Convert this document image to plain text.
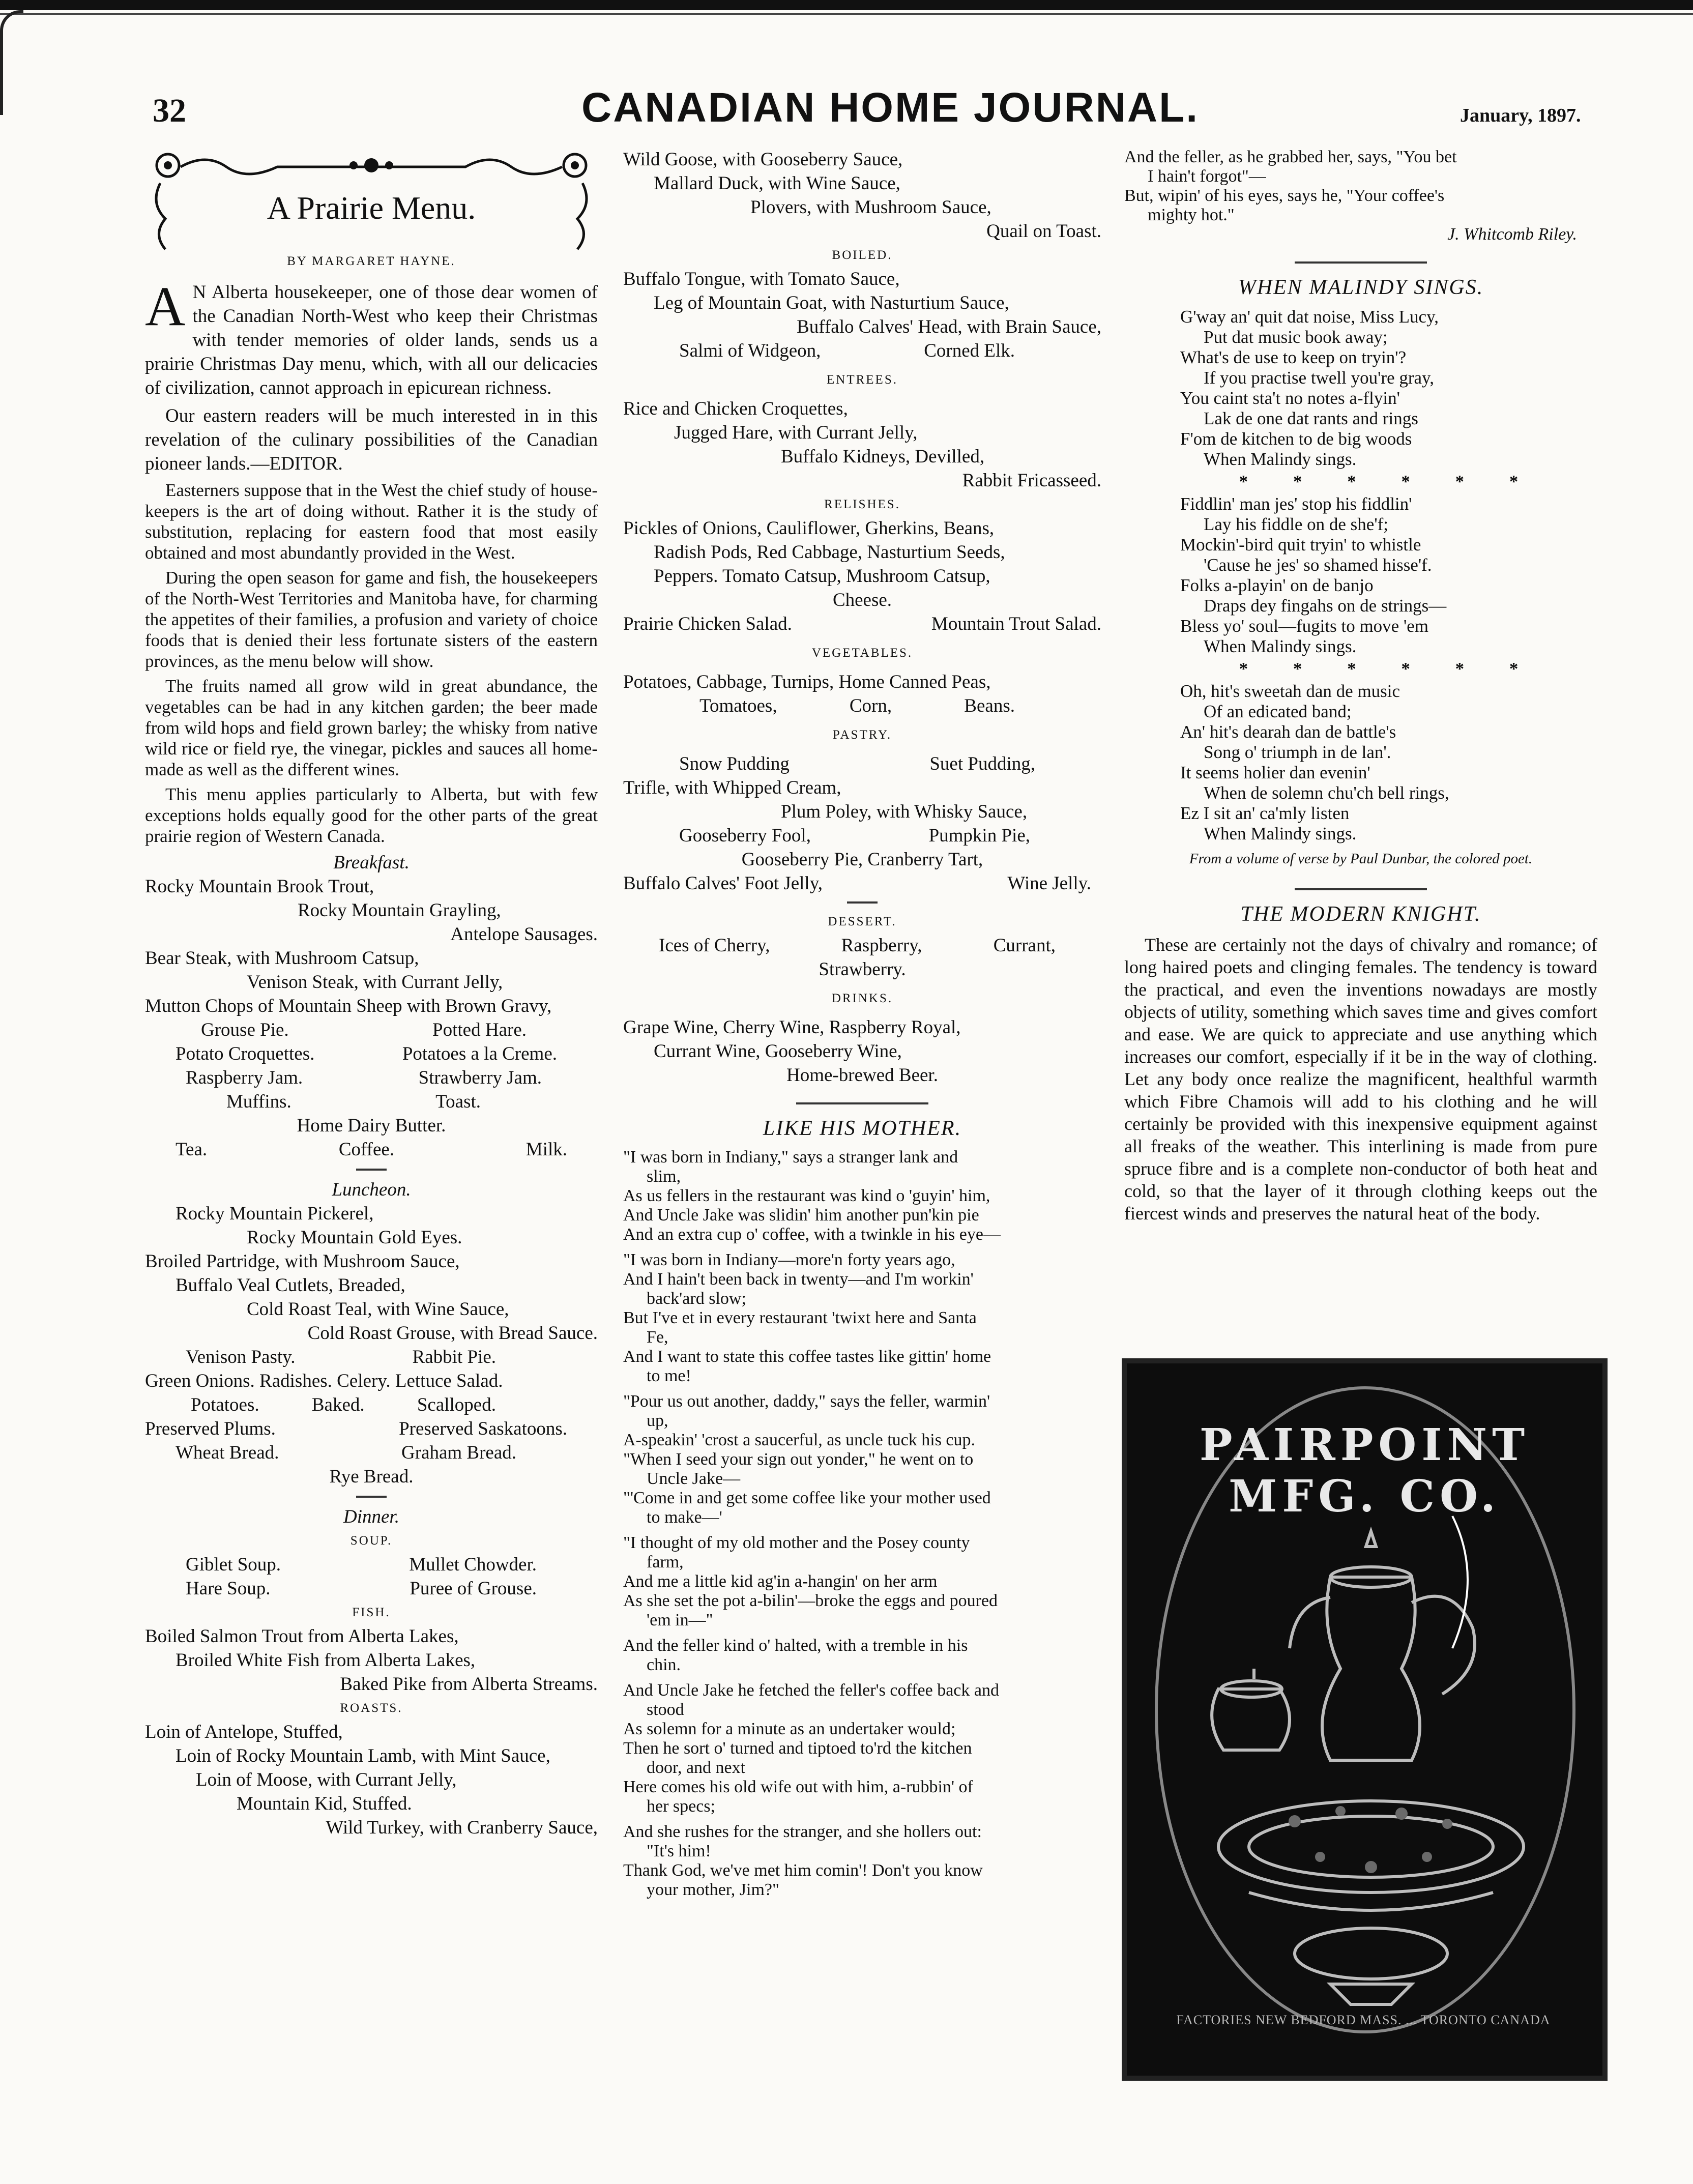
32	CANADIAN HOME JOURNAL.	January, 1897.
A Prairie Menu.
BY MARGARET HAYNE.

A N Alberta housekeeper, one of those dear women of the Canadian North-West who keep their Christmas with tender memories of older lands, sends us a prairie Christmas Day menu, which, with all our delicacies of civilization, cannot approach in epicurean richness.

Our eastern readers will be much interested in in this revelation of the culinary possibilities of the Canadian pioneer lands.—EDITOR.

Easterners suppose that in the West the chief study of house-keepers is the art of doing without. Rather it is the study of substitution, replacing for eastern food that most easily obtained and most abundantly provided in the West.

During the open season for game and fish, the housekeepers of the North-West Territories and Manitoba have, for charming the appetites of their families, a profusion and variety of choice foods that is denied their less fortunate sisters of the eastern provinces, as the menu below will show.

The fruits named all grow wild in great abundance, the vegetables can be had in any kitchen garden; the beer made from wild hops and field grown barley; the whisky from native wild rice or field rye, the vinegar, pickles and sauces all home-made as well as the different wines.

This menu applies particularly to Alberta, but with few exceptions holds equally good for the other parts of the great prairie region of Western Canada.

Breakfast.
Rocky Mountain Brook Trout,
Rocky Mountain Grayling,
Antelope Sausages.
Bear Steak, with Mushroom Catsup,
Venison Steak, with Currant Jelly,
Mutton Chops of Mountain Sheep with Brown Gravy,
Grouse Pie.	Potted Hare.
Potato Croquettes.	Potatoes a la Creme.
Raspberry Jam.	Strawberry Jam.
Muffins.	Toast.
Home Dairy Butter.
Tea.	Coffee.	Milk.
Luncheon.
Rocky Mountain Pickerel,
Rocky Mountain Gold Eyes.
Broiled Partridge, with Mushroom Sauce,
Buffalo Veal Cutlets, Breaded,
Cold Roast Teal, with Wine Sauce,
Cold Roast Grouse, with Bread Sauce.
Venison Pasty.	Rabbit Pie.
Green Onions. Radishes. Celery. Lettuce Salad.
Potatoes.	Baked.	Scalloped.
Preserved Plums.	Preserved Saskatoons.
Wheat Bread.	Graham Bread.
Rye Bread.
Dinner.
SOUP.
Giblet Soup.	Mullet Chowder.
Hare Soup.	Puree of Grouse.
FISH.
Boiled Salmon Trout from Alberta Lakes,
Broiled White Fish from Alberta Lakes,
Baked Pike from Alberta Streams.
ROASTS.
Loin of Antelope, Stuffed,
Loin of Rocky Mountain Lamb, with Mint Sauce,
Loin of Moose, with Currant Jelly,
Mountain Kid, Stuffed.
Wild Turkey, with Cranberry Sauce,
Wild Goose, with Gooseberry Sauce,
Mallard Duck, with Wine Sauce,
Plovers, with Mushroom Sauce,
Quail on Toast.
BOILED.
Buffalo Tongue, with Tomato Sauce,
Leg of Mountain Goat, with Nasturtium Sauce,
Buffalo Calves' Head, with Brain Sauce,
Salmi of Widgeon,	Corned Elk.
ENTREES.
Rice and Chicken Croquettes,
Jugged Hare, with Currant Jelly,
Buffalo Kidneys, Devilled,
Rabbit Fricasseed.
RELISHES.
Pickles of Onions, Cauliflower, Gherkins, Beans,
Radish Pods, Red Cabbage, Nasturtium Seeds,
Peppers. Tomato Catsup, Mushroom Catsup,
Cheese.
Prairie Chicken Salad.	Mountain Trout Salad.
VEGETABLES.
Potatoes, Cabbage, Turnips, Home Canned Peas,
Tomatoes,	Corn,	Beans.
PASTRY.
Snow Pudding	Suet Pudding,
Trifle, with Whipped Cream,
Plum Poley, with Whisky Sauce,
Gooseberry Fool,	Pumpkin Pie,
Gooseberry Pie, Cranberry Tart,
Buffalo Calves' Foot Jelly,	Wine Jelly.
DESSERT.
Ices of Cherry,	Raspberry,	Currant,
Strawberry.
DRINKS.
Grape Wine, Cherry Wine, Raspberry Royal,
Currant Wine, Gooseberry Wine,
Home-brewed Beer.
LIKE HIS MOTHER.
"I was born in Indiany," says a stranger lank and
slim,
As us fellers in the restaurant was kind o 'guyin' him,
And Uncle Jake was slidin' him another pun'kin pie
And an extra cup o' coffee, with a twinkle in his eye—
"I was born in Indiany—more'n forty years ago,
And I hain't been back in twenty—and I'm workin'
back'ard slow;
But I've et in every restaurant 'twixt here and Santa
Fe,
And I want to state this coffee tastes like gittin' home
to me!
"Pour us out another, daddy," says the feller, warmin'
up,
A-speakin' 'crost a saucerful, as uncle tuck his cup.
"When I seed your sign out yonder," he went on to
Uncle Jake—
"'Come in and get some coffee like your mother used
to make—'
"I thought of my old mother and the Posey county
farm,
And me a little kid ag'in a-hangin' on her arm
As she set the pot a-bilin'—broke the eggs and poured
'em in—"
And the feller kind o' halted, with a tremble in his
chin.
And Uncle Jake he fetched the feller's coffee back and
stood
As solemn for a minute as an undertaker would;
Then he sort o' turned and tiptoed to'rd the kitchen
door, and next
Here comes his old wife out with him, a-rubbin' of
her specs;
And she rushes for the stranger, and she hollers out:
"It's him!
Thank God, we've met him comin'! Don't you know
your mother, Jim?"
And the feller, as he grabbed her, says, "You bet
I hain't forgot"—
But, wipin' of his eyes, says he, "Your coffee's
mighty hot."
J. Whitcomb Riley.
WHEN MALINDY SINGS.
G'way an' quit dat noise, Miss Lucy,
Put dat music book away;
What's de use to keep on tryin'?
If you practise twell you're gray,
You caint sta't no notes a-flyin'
Lak de one dat rants and rings
F'om de kitchen to de big woods
When Malindy sings.
* * * * * *
Fiddlin' man jes' stop his fiddlin'
Lay his fiddle on de she'f;
Mockin'-bird quit tryin' to whistle
'Cause he jes' so shamed hisse'f.
Folks a-playin' on de banjo
Draps dey fingahs on de strings—
Bless yo' soul—fugits to move 'em
When Malindy sings.
* * * * * *
Oh, hit's sweetah dan de music
Of an edicated band;
An' hit's dearah dan de battle's
Song o' triumph in de lan'.
It seems holier dan evenin'
When de solemn chu'ch bell rings,
Ez I sit an' ca'mly listen
When Malindy sings.
From a volume of verse by Paul Dunbar, the colored poet.
THE MODERN KNIGHT.

These are certainly not the days of chivalry and romance; of long haired poets and clinging females. The tendency is toward the practical, and even the inventions nowadays are mostly objects of utility, something which saves time and gives comfort and ease. We are quick to appreciate and use anything which increases our comfort, especially if it be in the way of clothing. Let any body once realize the magnificent, healthful warmth which Fibre Chamois will add to his clothing and he will certainly be provided with this inexpensive equipment against all freaks of the weather. This interlining is made from pure spruce fibre and is a complete non-conductor of both heat and cold, so that the layer of it through clothing keeps out the fiercest winds and preserves the natural heat of the body.

PAIRPOINT MFG. CO.
FACTORIES NEW BEDFORD MASS. ... TORONTO CANADA
